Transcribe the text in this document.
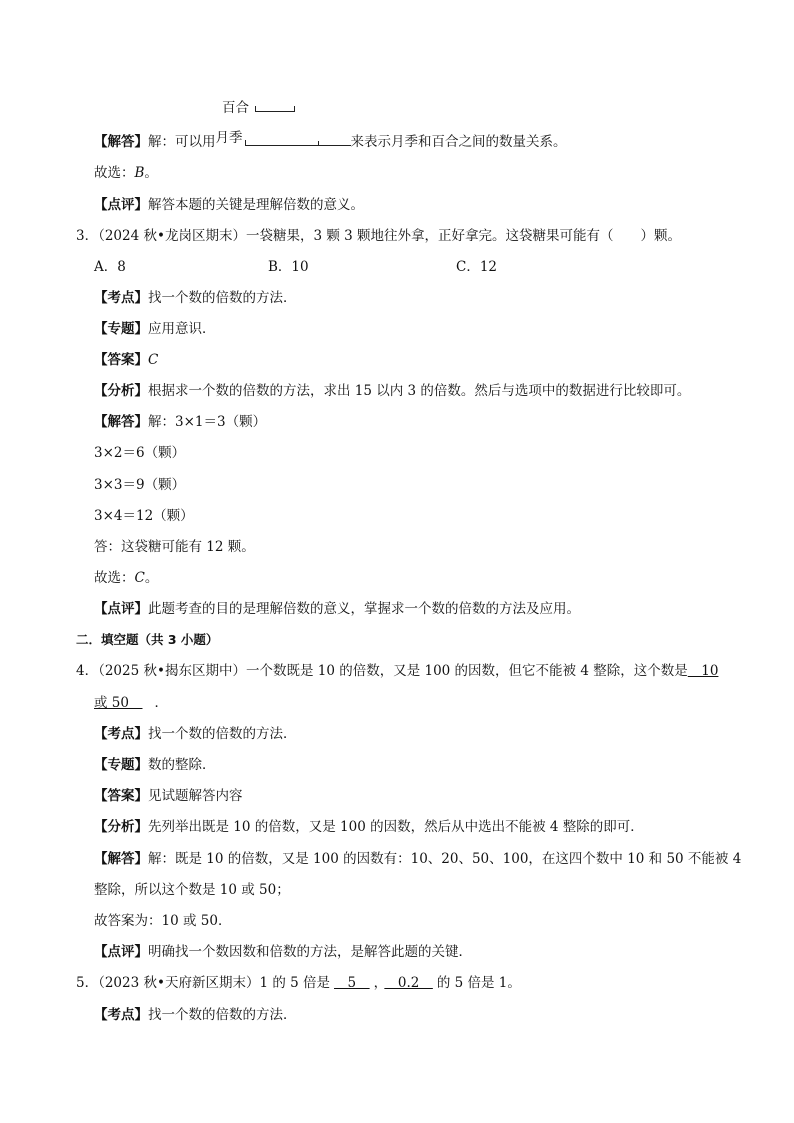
百合
【解答】解：可以用月季	来表示月季和百合之间的数量关系。
故选：B。
【点评】解答本题的关键是理解倍数的意义。
3．（2024 秋•龙岗区期末）一袋糖果，3 颗 3 颗地往外拿，正好拿完。这袋糖果可能有（　　）颗。
A．8	B．10	C．12
【考点】找一个数的倍数的方法．
【专题】应用意识．
【答案】C
【分析】根据求一个数的倍数的方法，求出 15 以内 3 的倍数。然后与选项中的数据进行比较即可。
【解答】解：3×1＝3（颗）
3×2＝6（颗）
3×3＝9（颗）
3×4＝12（颗）
答：这袋糖可能有 12 颗。
故选：C。
【点评】此题考查的目的是理解倍数的意义，掌握求一个数的倍数的方法及应用。
二．填空题（共 3 小题）
4．（2025 秋•揭东区期中）一个数既是 10 的倍数，又是 100 的因数，但它不能被 4 整除，这个数是　10
或 50　．
【考点】找一个数的倍数的方法．
【专题】数的整除．
【答案】见试题解答内容
【分析】先列举出既是 10 的倍数，又是 100 的因数，然后从中选出不能被 4 整除的即可．
【解答】解：既是 10 的倍数，又是 100 的因数有：10、20、50、100，在这四个数中 10 和 50 不能被 4
整除，所以这个数是 10 或 50；
故答案为：10 或 50．
【点评】明确找一个数因数和倍数的方法，是解答此题的关键．
5．（2023 秋•天府新区期末）1 的 5 倍是　5　，　0.2　的 5 倍是 1。
【考点】找一个数的倍数的方法．
